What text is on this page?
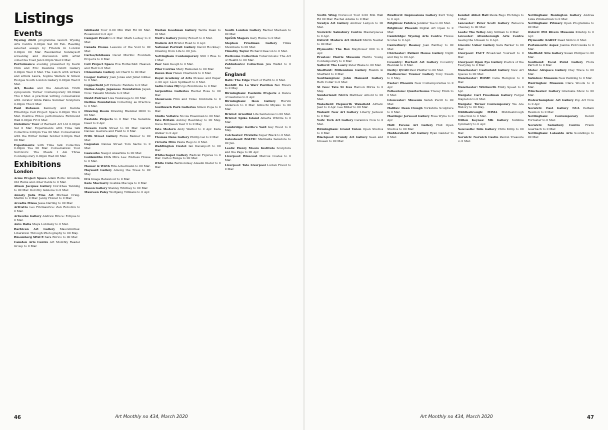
Listings
Events

Wysing 2020 programme launch Wysing Arts Centre 0.00pm Sat 00 Feb. Reading selected essays by Friends in London 0.00pm 00 Mar. Residential Sundaysoft screening and discussion with artist collective Toad Jan 0.00pm Wed 0 Mar.

Performance evening presented by Kevin Chin and Eric Dawkins Cubitt Gallery 0.00pm Wed 0 Mar. The Lunch with writers and artists Laura, Sophie Walters & Simon Hodges South London Gallery 0.00pm Wed 0 Mar.

Art, Books and the American Truth symposium Turner Contemporary 00.00am Thu 0 Mar. A practical writing conversation with curator Gilda Paine Summer Sculpture 0.00pm Thu 0 Mar.

Paul Robeson Kennedy and Kembe Etheridge Cell Project Space 0.00pm Thu 0 Mar. Positive Ethos performance Richmond Wall 0.00pm Fri 0 Mar.

Outsiders' Tour of Bernard Art Ltd 0.00pm Sat 0 Mar. Experiments with Time talk Collective 0.00pm Tue 00 Mar. Conversation with the Writer Indian Soldier 0.00pm Wed 00 Mar.

Experiments with Time talk Collective 0.00pm Tue 00 Mar. Conversation: Your Survivors: The Pleats I Am Three Contemporary 0.00pm Wed 00 Mar.

Exhibitions
London

Acme Project Space Adam Rolfe: Grounds, Old Ruins and other fields to 0 Mar.

Alison Jacques Gallery Dorothea Tanning to 00 Mar. Dorothy Iannone to 0 Mar.

Annely Juda Fine Art Michael Craig-Martin to 0 Mar. Jenny Holzer to 0 Mar.

Arcadia Missa Jesse Darling to 00 Mar.

ArtCatto Leo Fitzmaurice: Zen Robotics to 0 Mar.

Artworks Gallery Andrew Bruce: Eclipse to 0 Mar.

Auto Italia Maya Lubinsky to 0 Mar.

Barbican Art Gallery Masculinities: Liberation Through Photography to 00 May.

Bloomberg SPACE Sara Enrico to 00 Mar.

Camden Arts Centre Art Monthly Reader Group to 0 Mar.

Ishibashi Tour 0.00 Min Wall Rd 00 Mar. Rosamund to 0 Apr.

Campoli Presti to 0 Mar. Mark Leckey to 0 Mar.

Canada House Lessons of the Void to 00 Mar.

Carlos/Ishikawa Oscar Murillo: Fountain Projects to 0 Mar.

Cell Project Space Eva Rothschild: Heaven and Hell to 0 Mar.

Chisenhale Gallery Ali Cherri to 00 Mar.

Cooper Gallery Joan Jonas and Juliet Gillies to 0 Mar.

Copperfield Jeff Vickers: Fanfare to 0 Mar.

Dallas-Anglo Japanese Foundation Japan Now: Takeshi Murata to 0 Mar.

David Zwirner Lisa Yuskavage to 00 Mar.

Delfina Foundation Collecting as Practice to 0 Mar.

Drawing Room Drawing Biennial 0000 to 00 Mar.

Eastside Projects to 0 Mar. The Sensible Dead to 0 Apr.

Flowers Cork Street to 00 Mar. Gareth Davies: Gesture and Field to 0 Mar.

Frith Street Gallery Fiona Banner to 00 Mar.

Gagosian Davies Street Tom Sachs to 0 Mar.

Gasworks Nazgol Ansarinia to 00 Mar.

Goldsmiths CCA Mire Lee: Endless House to 0 Mar.

Hauser & Wirth Rita Ackermann to 00 Mar.

Hayward Gallery Among the Trees to 00 May.

ICA Image Behaviour to 0 Mar.

Kate MacGarry Goshka Macuga to 0 Mar.

Lisson Gallery Stanley Whitney to 00 Mar.

Maureen Paley Wolfgang Tillmans to 0 Apr.

Marian Goodman Gallery Tacita Dean to 00 Mar.

Matt's Gallery Jimmy Robert to 0 Mar.

Modern Art Bristol Road to 0 Apr.

National Portrait Gallery David Hockney: Drawing from Life to 00 Jun.

Nottingham Contemporary Still I Rise to 0 Mar.

Peer Sam Keogh to 0 Mar.

Pilar Corrias Mary Ramsden to 00 Mar.

Raven Row Helen Chadwick to 0 Mar.

Royal Academy of Arts Picasso and Paper to 00 Apr. Léon Spilliaert to 0 Mar.

Sadie Coles HQ Ugo Rondinone to 0 Mar.

Serpentine Galleries Rachel Rose to 00 Mar.

Showroom Film and Video Umbrella to 0 Mar.

Southwark Park Galleries Simon Pope to 0 Mar.

Studio Voltaire Nicole Eisenman to 00 Mar.

Tate Britain Aubrey Beardsley to 00 May. Steve McQueen Year 3 to 0 May.

Tate Modern Andy Warhol to 0 Apr. Kara Walker to 0 Apr.

Thomas Dane Gallery Phillip Lai to 0 Mar.

Victoria Miro Paula Rego to 0 Mar.

Waddington Custot Ian Davenport to 00 Mar.

Whitechapel Gallery Radical Figures to 0 Mar. Carlos Bunga to 00 Mar.

White Cube Bermondsey Anselm Kiefer to 0 Mar.

South London Gallery Rachel Maclean to 00 Mar.

Sprüth Magers Gary Hume to 0 Mar.

Stephen Friedman Gallery Yinka Shonibare to 00 Mar.

Timothy Taylor Richard Deacon to 0 Mar.

Wellcome Collection Tuberculosis: The Art of Health to 00 Mar.

Zabludowicz Collection Jala Wahid to 0 Mar.

England

Bath: The Edge Tract of Earth to 0 Mar.

Bexhill: De La Warr Pavilion Ben Rivers to 0 May.

Birmingham: Eastside Projects A Dance of Gestures to 0 Apr.

Birmingham: Ikon Gallery Hurvin Anderson to 0 Mar. Ishiuchi Miyako to 00 Mar.

Bristol: Arnolfini Life Sentences to 00 Mar.

Bristol: Spike Island Alberta Whittle to 0 Mar.

Cambridge: Kettle's Yard Issy Wood to 0 May.

Colchester: Firstsite Super Black to 0 Mar.

Gateshead: BALTIC Marinella Senatore to 00 Jun.

Leeds: Henry Moore Institute Sculpture and the Page to 00 Apr.

Liverpool: Bluecoat Marcus Coates to 0 Mar.

Liverpool: Tate Liverpool Lucian Freud to 0 Mar.

46	Art Monthly no 434, March 2020

North Wing Norwood Tour 0.00 Min Wall Rd 00 Mar. Rachel Adams to 0 Mar.

Newlyn Art Gallery Andrew Lanyon to 00 Mar.

Norwich: Sainsbury Centre Masterpieces to 0 Apr.

Oxford: Modern Art Oxford Shirin Neshat to 00 Mar.

Plymouth: The Box Mayflower 000 to 0 Apr.

Preston: Harris Museum Harris Young Contemporary to 0 Mar.

Salford: The Lowry Peter Blake to 00 Mar.

Sheffield: Millennium Gallery Ruskin in Sheffield to 0 Mar.

Southampton: John Hansard Gallery Beth Collar to 0 Mar.

St Ives: Tate St Ives Haroon Mirza to 0 May.

Sunderland: NGCA Matthew Arnold to 00 Mar.

Wakefield: Hepworth Wakefield Alfredo Jaar to 0 Apr. Lee Miller to 00 Mar.

Walsall: New Art Gallery Liberty Jackson to 0 Mar.

York: York Art Gallery Ceramics Now to 0 Mar.

Birmingham: Grand Union Open Studios to 0 Mar.

Blackpool: Grundy Art Gallery Seen and Unseen to 00 Mar.

Bradford: Impressions Gallery Kurt Tong to 0 Apr.

Brighton: Fabrica Jennifer Tee to 00 Mar.

Brighton: Phoenix Digital Art Open to 0 Mar.

Cambridge: Wysing Arts Centre Fluxus Scores to 0 Apr.

Canterbury: Beaney Joan Eardley to 00 Mar.

Chichester: Pallant House Gallery Night and Day to 00 Apr.

Coventry: Herbert Art Gallery Coventry Biennial to 0 Mar.

Derby: QUAD Paul Pfeiffer to 00 Mar.

Eastbourne: Towner Gallery Tony Swain to 0 May.

Exeter: Phoenix New Contemporaries to 0 Apr.

Folkestone: Quarterhouse Tracey Emin to 0 Mar.

Gloucester: Museum Sarah Pucill to 00 Mar.

Halifax: Dean Clough Yorkshire Sculpture to 0 Mar.

Hastings: Jerwood Gallery Rose Wylie to 0 Apr.

Hull: Ferens Art Gallery Hull Open Studios to 00 Mar.

Huddersfield: Art Gallery Ryan Gander to 0 Mar.

Kendal: Abbot Hall Paula Rego Etchings to 0 Mar.

Lancaster: Peter Scott Gallery Rebecca Chesney to 00 Mar.

Leeds: The Tetley Amy Sillman to 0 Mar.

Leicester: Attenborough Arts Centre Seeing the Unseen to 0 Apr.

Lincoln: Usher Gallery Sara Barker to 00 Mar.

Liverpool: FACT Broadcast Yourself to 0 Mar.

Liverpool: Open Eye Gallery Poetics of the Everyday to 0 Mar.

Manchester: Castlefield Gallery New Art Spaces to 00 Mar.

Manchester: HOME Celia Hempton to 0 Mar.

Manchester: Whitworth Emily Speed to 0 Apr.

Margate: Carl Freedman Gallery Fergal Stapleton to 0 Mar.

Margate: Turner Contemporary We Are History to 00 May.

Middlesbrough: MIMA Middlesbrough Collection to 0 Mar.

Milton Keynes: MK Gallery Sublime Symmetry to 0 Apr.

Newcastle: Side Gallery Chris Killip to 00 Mar.

Norwich: Norwich Castle Paston Treasure to 0 Mar.

Nottingham: Bonington Gallery Andrea Luka Zimmerman to 0 Mar.

Nottingham: Primary Open Programme to 00 Mar.

Oxford: Pitt Rivers Museum Kinship to 0 Apr.

Plymouth: KARST Dead Skin to 0 Mar.

Portsmouth: Aspex Joanna Piotrowska to 0 Mar.

Sheffield: Site Gallery Susan Philipsz to 00 Mar.

Southend: Focal Point Gallery Flora Parrott to 0 Mar.

Stoke: Airspace Gallery Clay Trace to 00 Mar.

Swindon: Museum New Painting to 0 Mar.

Warrington: Museum Clare Woods to 0 Mar.

Winchester: Gallery Graduate Show to 00 Mar.

Wolverhampton: Art Gallery Pop Art Now to 0 Apr.

Norwich: East Gallery NUA Pelham Reunion to 0 Mar.

Nottingham: Contemporary Denzil Forrester to 0 Mar.

Norwich: Sainsbury Centre Frank Auerbach to 0 Mar.

Nottingham: Lakeside Arts Soundings to 00 Mar.

Art Monthly no 434, March 2020	47
